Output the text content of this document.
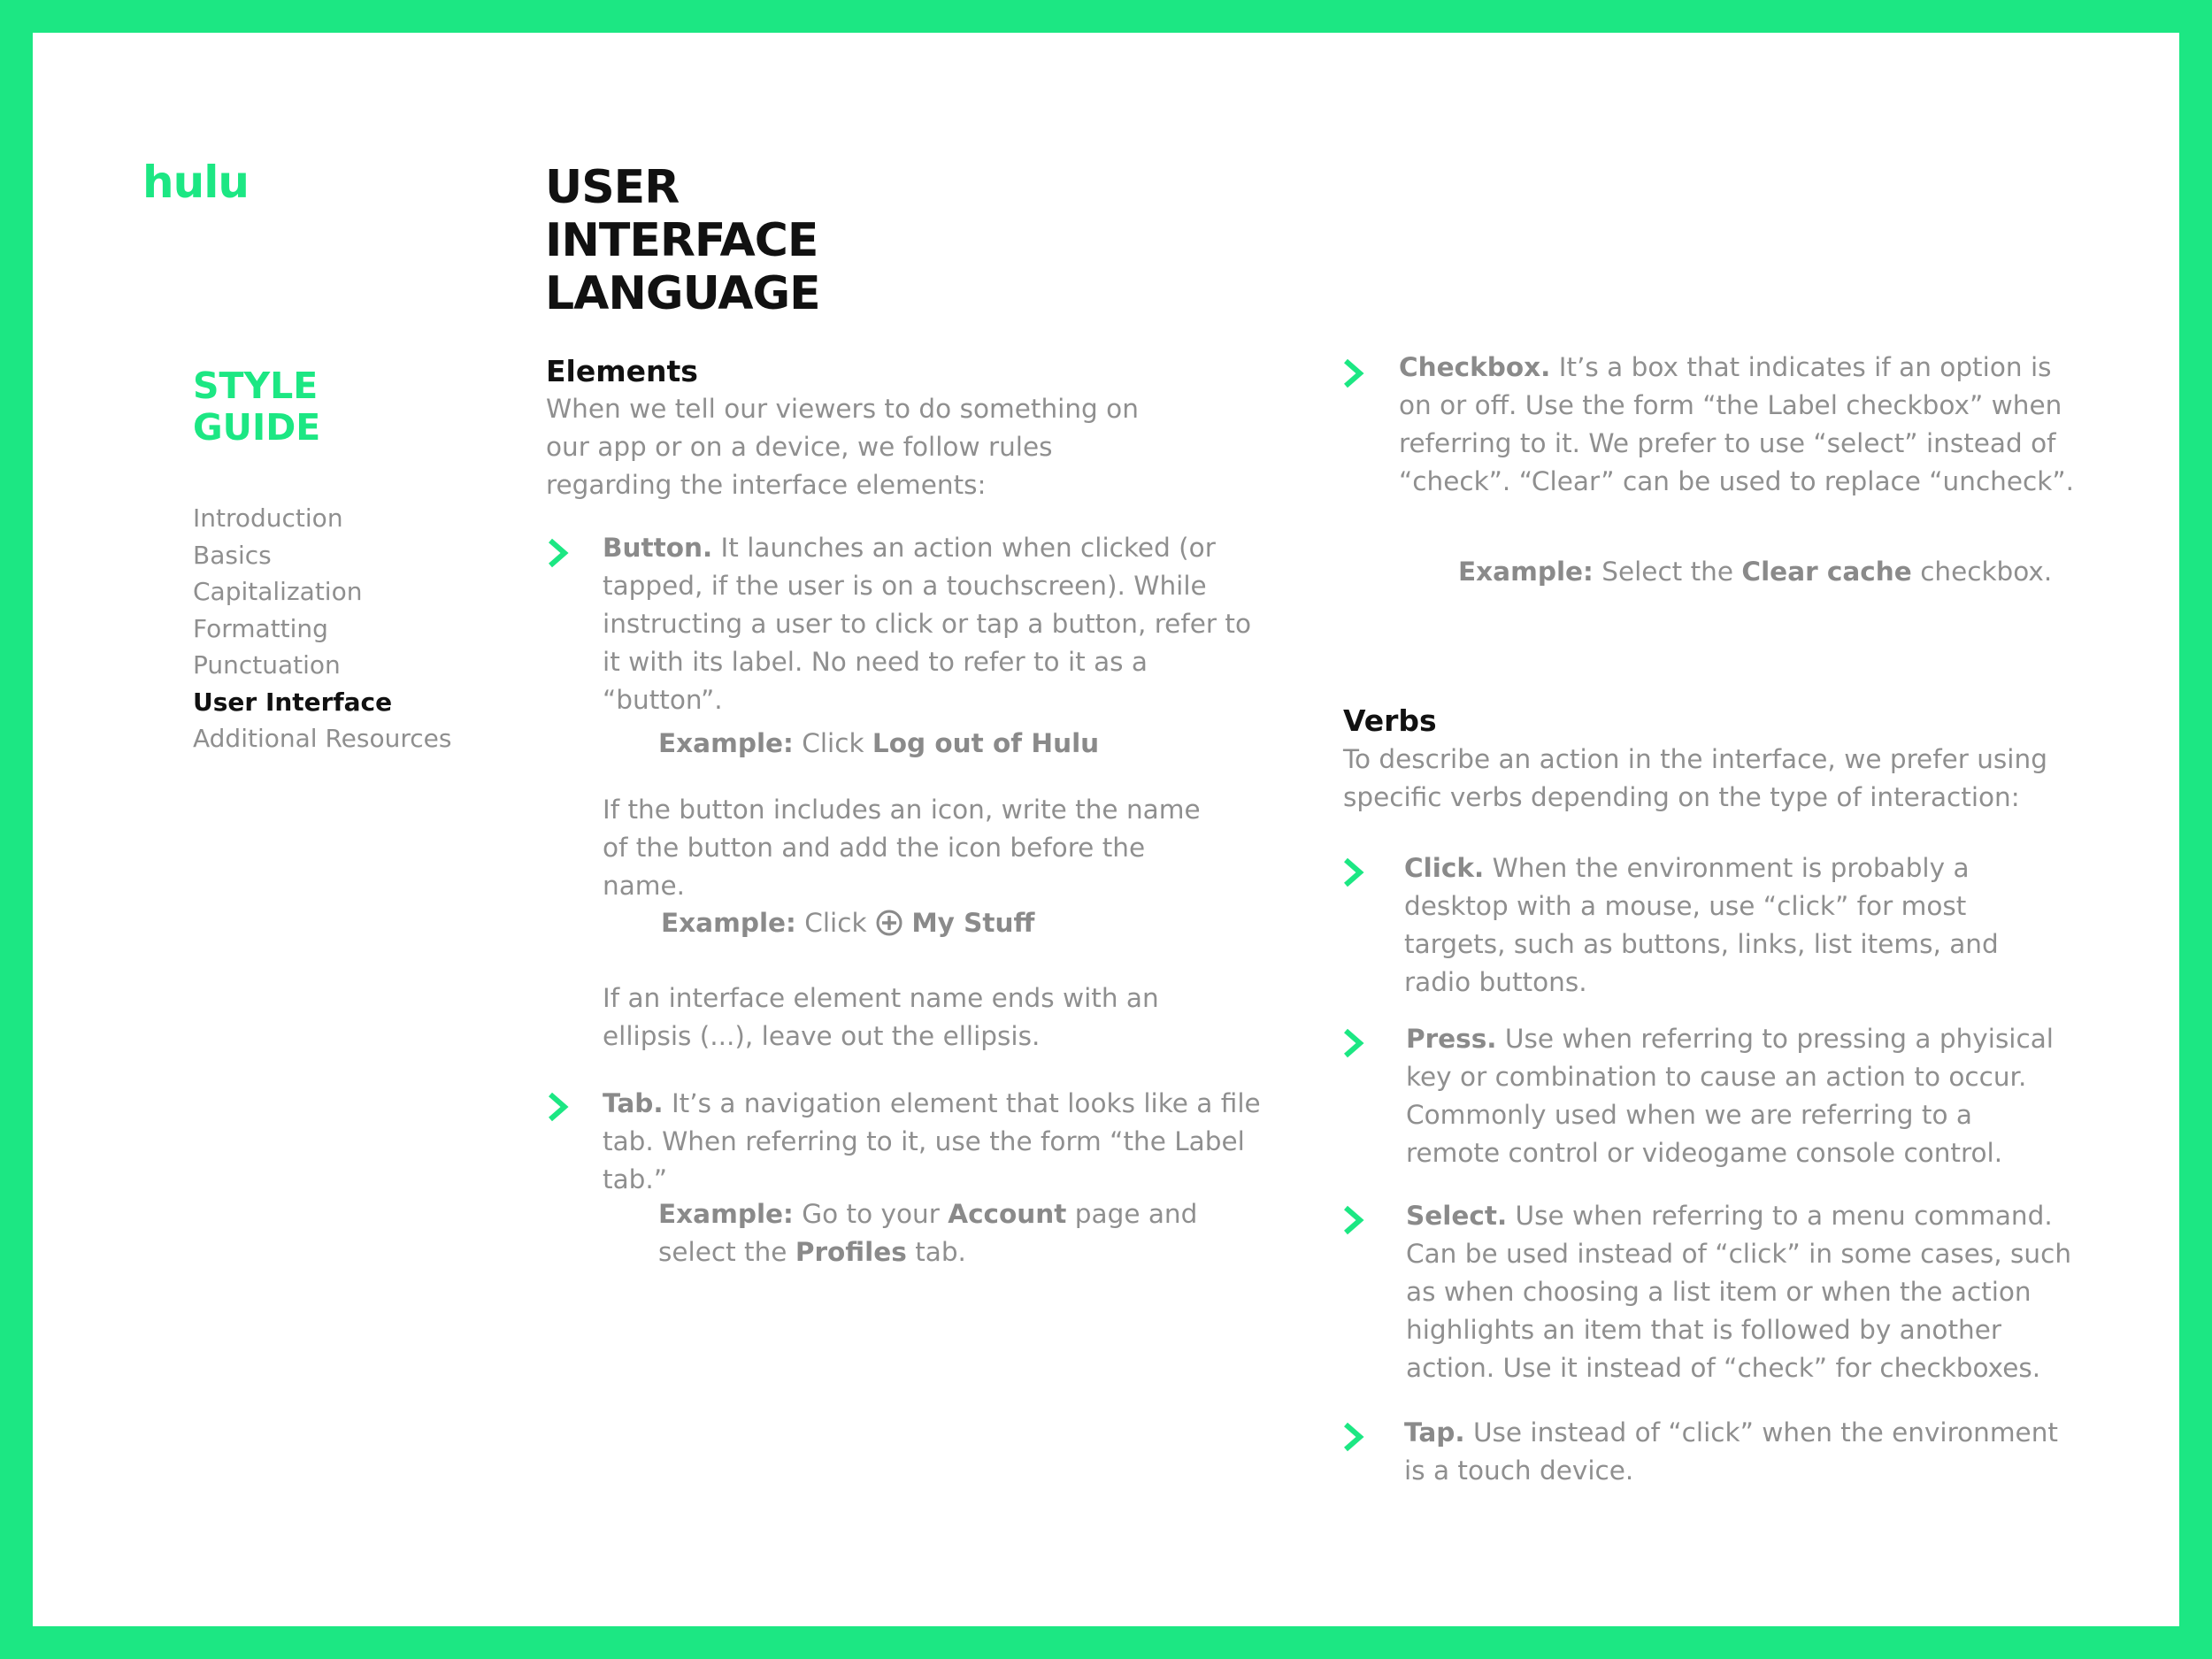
hulu
STYLE
GUIDE
Introduction
Basics
Capitalization
Formatting
Punctuation
User Interface
Additional Resources
USER
INTERFACE
LANGUAGE
Elements

When we tell our viewers to do something on our app or on a device, we follow rules regarding the interface elements:

Button. It launches an action when clicked (or tapped, if the user is on a touchscreen). While instructing a user to click or tap a button, refer to it with its label. No need to refer to it as a “button”.

Example: Click Log out of Hulu

If the button includes an icon, write the name of the button and add the icon before the name.

Example: Click  My Stuff

If an interface element name ends with an ellipsis (...), leave out the ellipsis.

Tab. It’s a navigation element that looks like a file tab. When referring to it, use the form “the Label tab.”

Example: Go to your Account page and select the Profiles tab.

Checkbox. It’s a box that indicates if an option is on or off. Use the form “the Label checkbox” when referring to it. We prefer to use “select” instead of “check”. “Clear” can be used to replace “uncheck”.

Example: Select the Clear cache checkbox.

Verbs

To describe an action in the interface, we prefer using specific verbs depending on the type of interaction:

Click. When the environment is probably a desktop with a mouse, use “click” for most targets, such as buttons, links, list items, and radio buttons.

Press. Use when referring to pressing a phyisical key or combination to cause an action to occur. Commonly used when we are referring to a remote control or videogame console control.

Select. Use when referring to a menu command. Can be used instead of “click” in some cases, such as when choosing a list item or when the action highlights an item that is followed by another action. Use it instead of “check” for checkboxes.

Tap. Use instead of “click” when the environment is a touch device.
